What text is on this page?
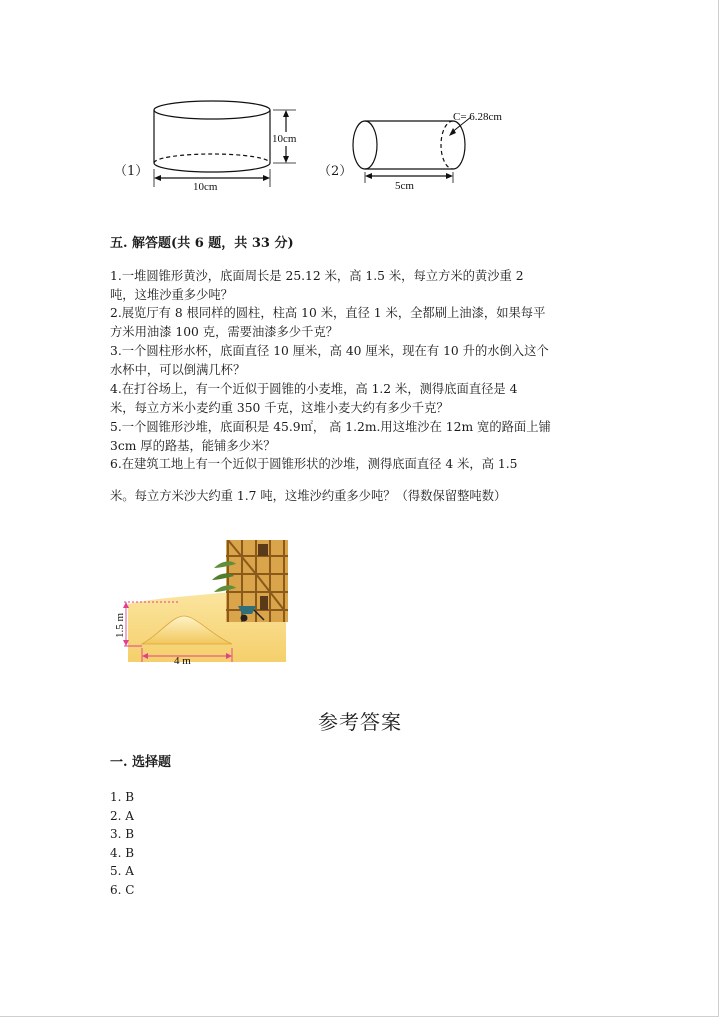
（1）
10cm
10cm
（2）
C= 6.28cm
5cm
五. 解答题(共 6 题，共 33 分)
1.一堆圆锥形黄沙，底面周长是 25.12 米，高 1.5 米，每立方米的黄沙重 2
吨，这堆沙重多少吨？
2.展览厅有 8 根同样的圆柱，柱高 10 米，直径 1 米，全都刷上油漆，如果每平
方米用油漆 100 克，需要油漆多少千克？
3.一个圆柱形水杯，底面直径 10 厘米，高 40 厘米，现在有 10 升的水倒入这个
水杯中，可以倒满几杯？
4.在打谷场上，有一个近似于圆锥的小麦堆，高 1.2 米，测得底面直径是 4
米，每立方米小麦约重 350 千克，这堆小麦大约有多少千克？
5.一个圆锥形沙堆，底面积是 45.9㎡， 高 1.2m.用这堆沙在 12m 宽的路面上铺
3cm 厚的路基，能铺多少米？
6.在建筑工地上有一个近似于圆锥形状的沙堆，测得底面直径 4 米，高 1.5
米。每立方米沙大约重 1.7 吨，这堆沙约重多少吨？（得数保留整吨数）
1.5 m
4 m
参考答案
一. 选择题
1. B
2. A
3. B
4. B
5. A
6. C
